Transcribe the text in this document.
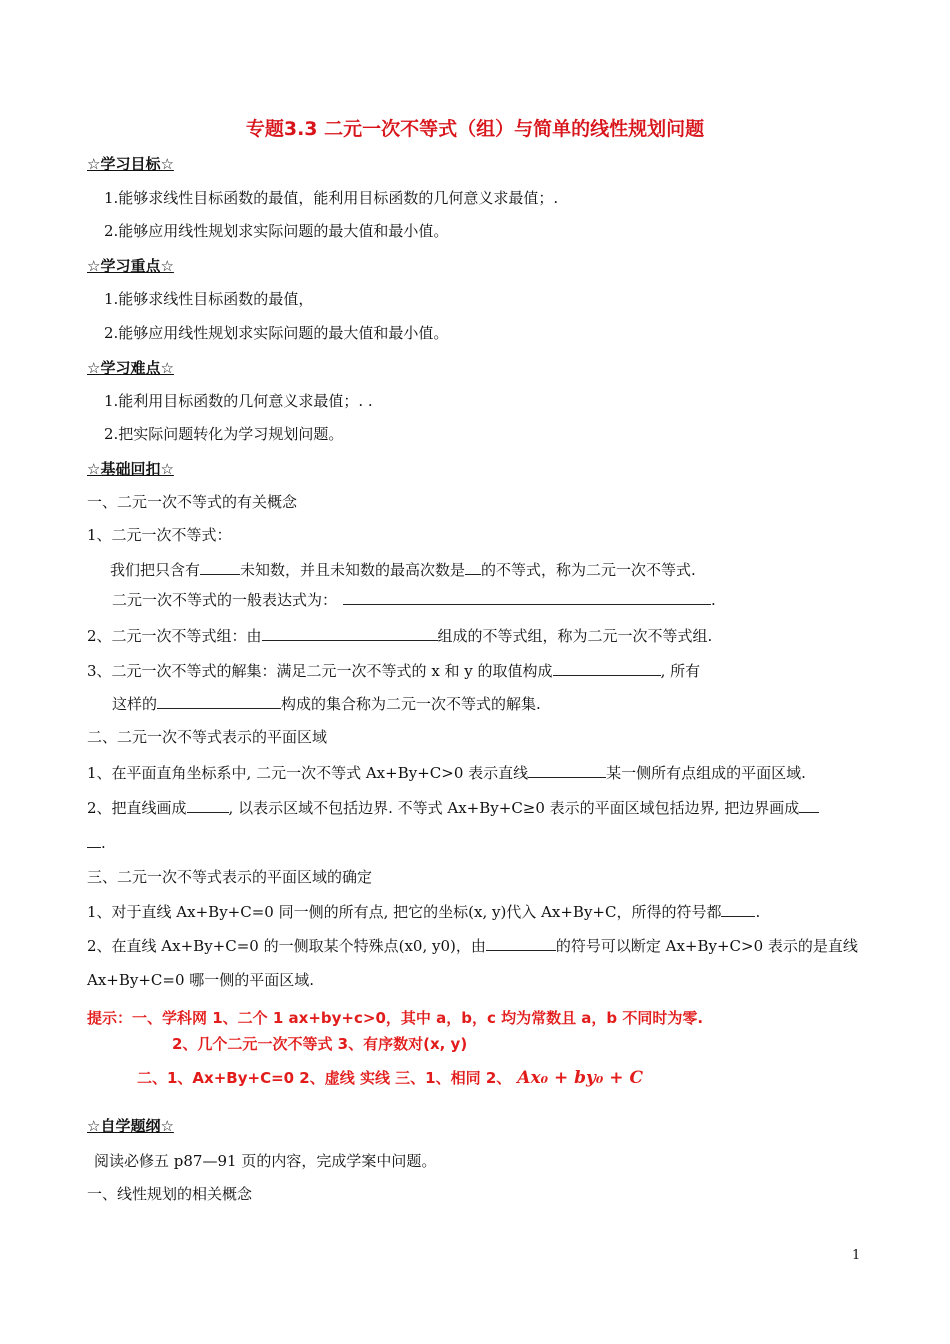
专题3.3 二元一次不等式（组）与简单的线性规划问题
☆学习目标☆
1.能够求线性目标函数的最值，能利用目标函数的几何意义求最值；.
2.能够应用线性规划求实际问题的最大值和最小值。
☆学习重点☆
1.能够求线性目标函数的最值，
2.能够应用线性规划求实际问题的最大值和最小值。
☆学习难点☆
1.能利用目标函数的几何意义求最值；. .
2.把实际问题转化为学习规划问题。
☆基础回扣☆
一、二元一次不等式的有关概念
1、二元一次不等式：
我们把只含有	未知数，并且未知数的最高次数是 的不等式，称为二元一次不等式.
二元一次不等式的一般表达式为：	.
2、二元一次不等式组：由	组成的不等式组，称为二元一次不等式组.
3、二元一次不等式的解集：满足二元一次不等式的 x 和 y 的取值构成	, 所有
这样的	构成的集合称为二元一次不等式的解集.
二、二元一次不等式表示的平面区域
1、在平面直角坐标系中, 二元一次不等式 Ax+By+C>0 表示直线	某一侧所有点组成的平面区域.
2、把直线画成	, 以表示区域不包括边界. 不等式 Ax+By+C≥0 表示的平面区域包括边界, 把边界画成
.
三、二元一次不等式表示的平面区域的确定
1、对于直线 Ax+By+C=0 同一侧的所有点, 把它的坐标(x, y)代入 Ax+By+C，所得的符号都 .
2、在直线 Ax+By+C=0 的一侧取某个特殊点(x0, y0)，由	的符号可以断定 Ax+By+C>0 表示的是直线
Ax+By+C=0 哪一侧的平面区域.
提示：一、学科网 1、二个 1 ax+by+c>0，其中 a，b，c 均为常数且 a，b 不同时为零.
2、几个二元一次不等式 3、有序数对(x, y)
二、1、Ax+By+C=0 2、虚线 实线 三、1、相同 2、 Ax₀ + by₀ + C
☆自学题纲☆
阅读必修五 p87—91 页的内容，完成学案中问题。
一、线性规划的相关概念
1
